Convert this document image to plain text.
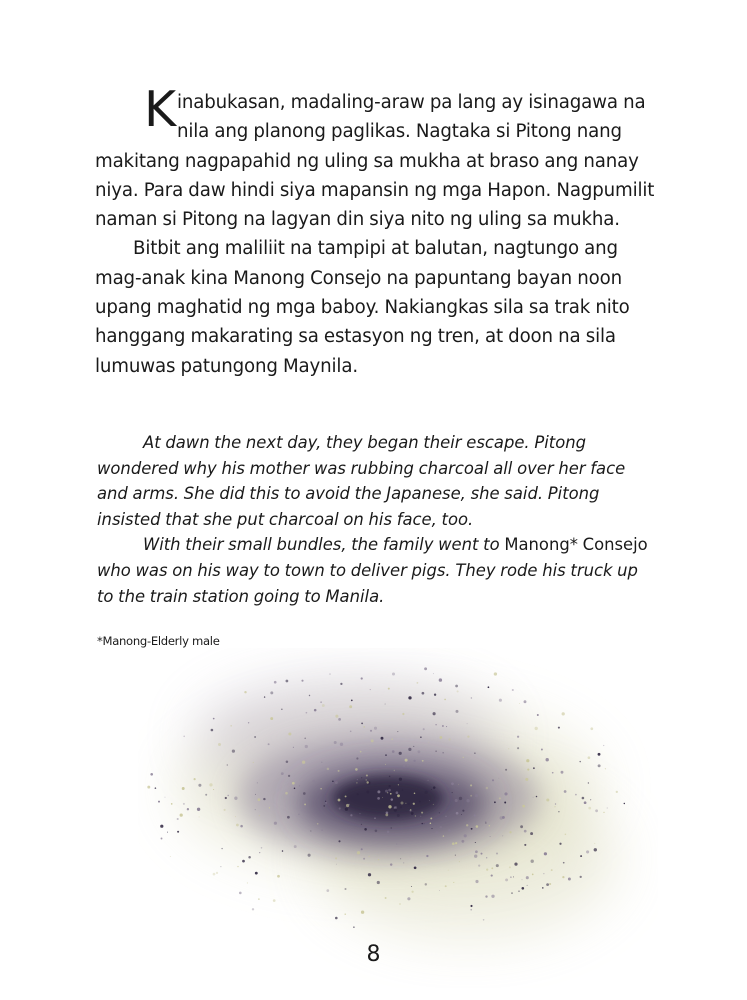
Kinabukasan, madaling-araw pa lang ay isinagawa na nila ang planong paglikas. Nagtaka si Pitong nang makitang nagpapahid ng uling sa mukha at braso ang nanay niya. Para daw hindi siya mapansin ng mga Hapon. Nagpumilit naman si Pitong na lagyan din siya nito ng uling sa mukha.

Bitbit ang maliliit na tampipi at balutan, nagtungo ang mag-anak kina Manong Consejo na papuntang bayan noon upang maghatid ng mga baboy. Nakiangkas sila sa trak nito hanggang makarating sa estasyon ng tren, at doon na sila lumuwas patungong Maynila.

At dawn the next day, they began their escape. Pitong wondered why his mother was rubbing charcoal all over her face and arms. She did this to avoid the Japanese, she said. Pitong insisted that she put charcoal on his face, too.

With their small bundles, the family went to Manong* Consejo who was on his way to town to deliver pigs. They rode his truck up to the train station going to Manila.

*Manong-Elderly male
8
